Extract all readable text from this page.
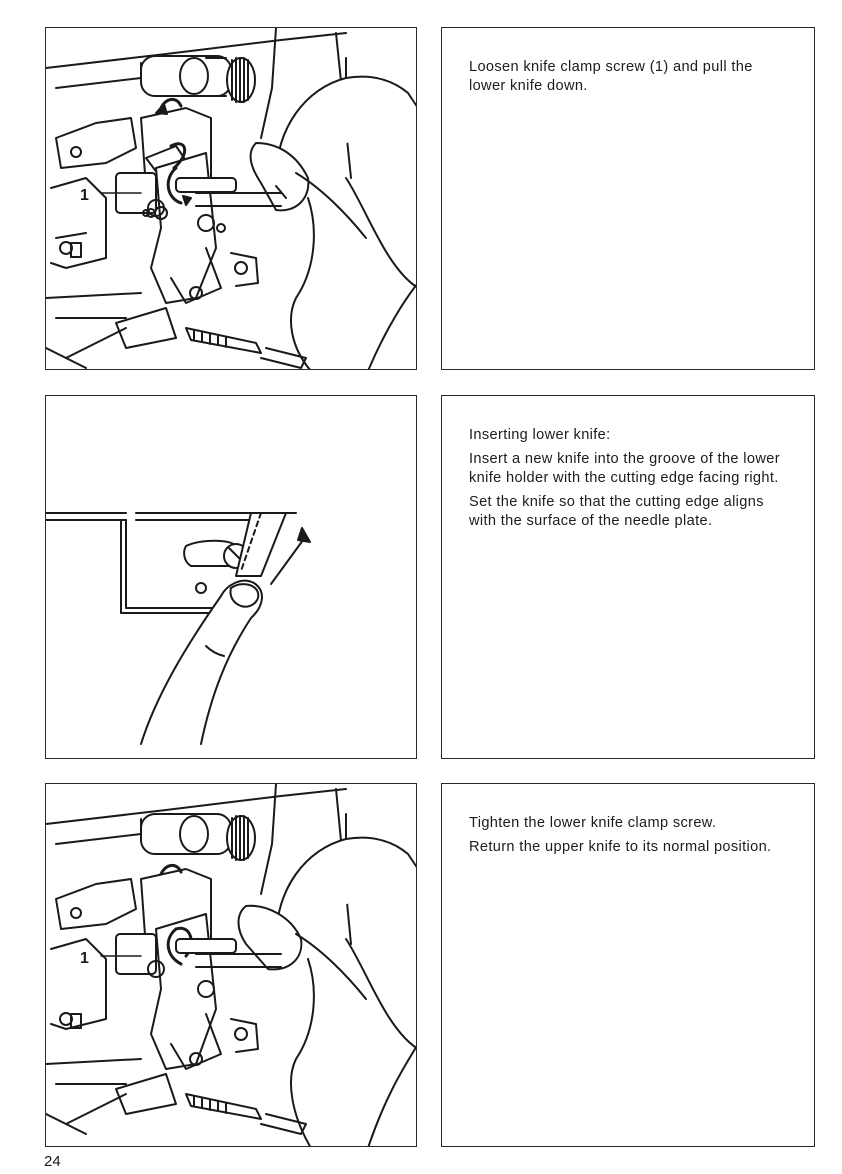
1

Loosen knife clamp screw (1) and pull the lower knife down.

Inserting lower knife:

Insert a new knife into the groove of the lower knife holder with the cutting edge facing right.

Set the knife so that the cutting edge aligns with the surface of the needle plate.

1

Tighten the lower knife clamp screw.

Return the upper knife to its normal position.

24
